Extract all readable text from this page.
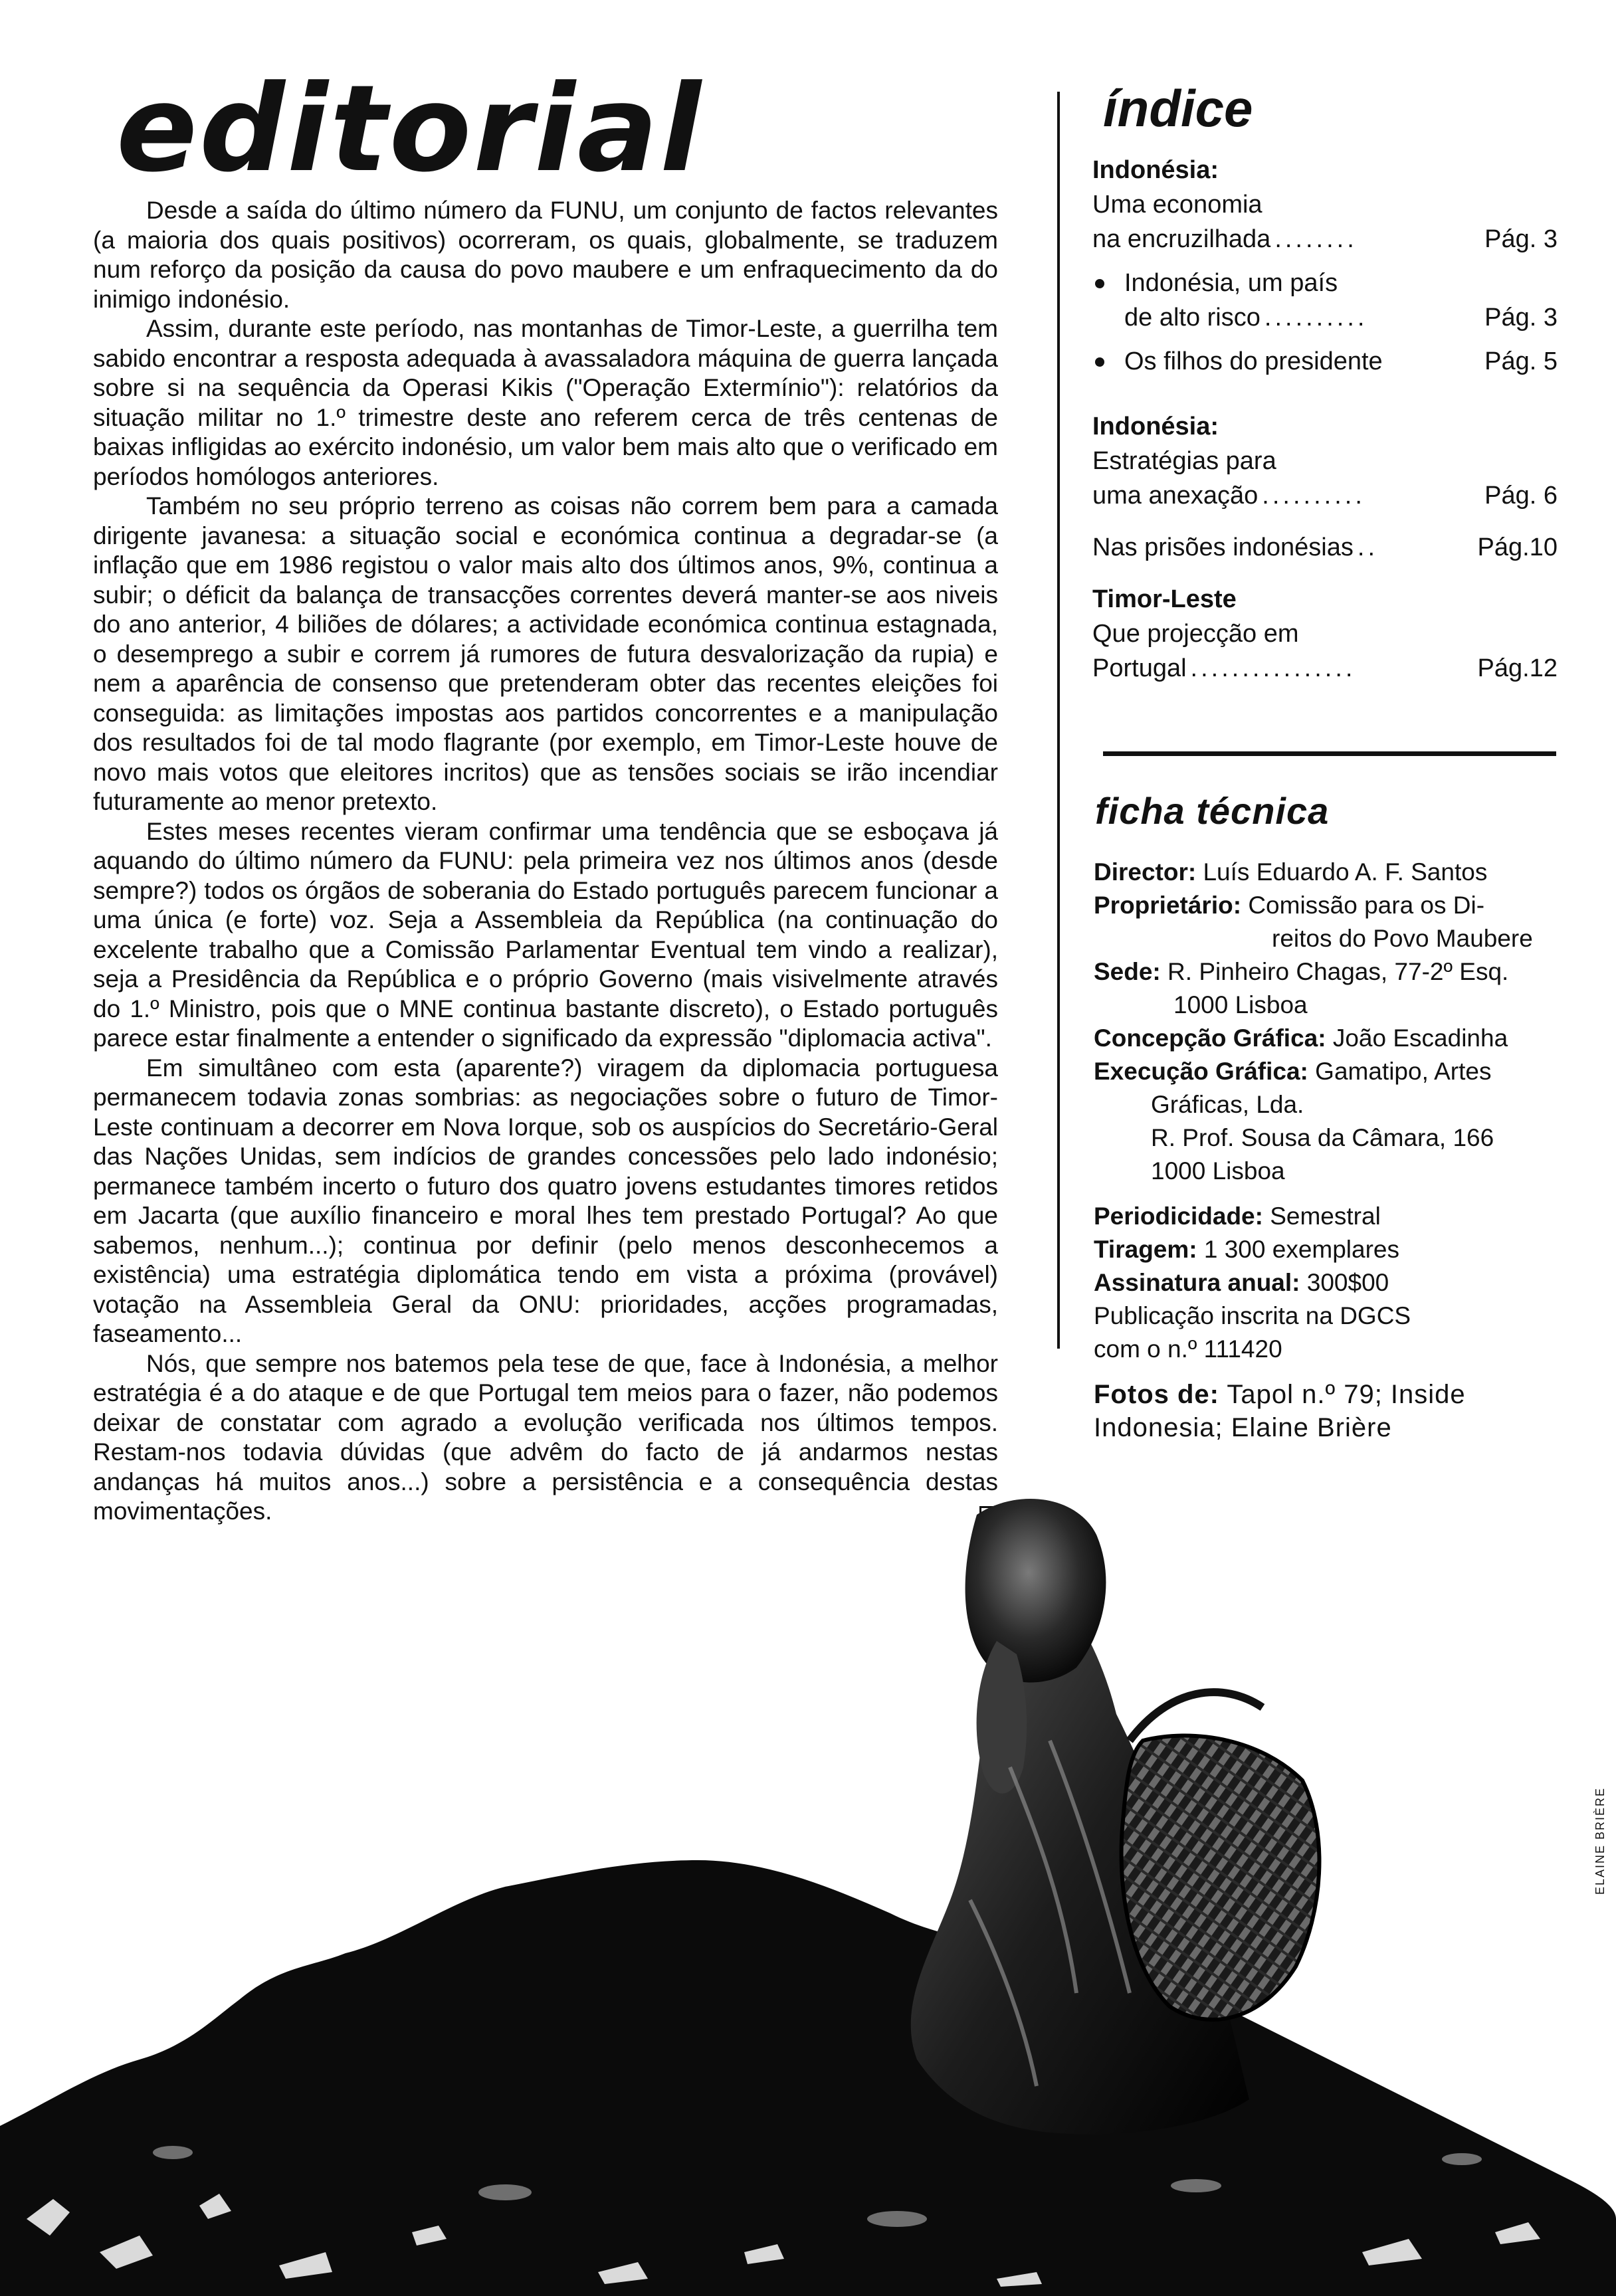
editorial

Desde a saída do último número da FUNU, um conjunto de factos relevantes (a maioria dos quais positivos) ocorreram, os quais, globalmente, se traduzem num reforço da posição da causa do povo maubere e um enfraquecimento da do inimigo indonésio.

Assim, durante este período, nas montanhas de Timor-Leste, a guerrilha tem sabido encontrar a resposta adequada à avassaladora máquina de guerra lançada sobre si na sequência da Operasi Kikis ("Operação Extermínio"): relatórios da situação militar no 1.º trimestre deste ano referem cerca de três centenas de baixas infligidas ao exército indonésio, um valor bem mais alto que o verificado em períodos homólogos anteriores.

Também no seu próprio terreno as coisas não correm bem para a camada dirigente javanesa: a situação social e económica continua a degradar-se (a inflação que em 1986 registou o valor mais alto dos últimos anos, 9%, continua a subir; o déficit da balança de transacções correntes deverá manter-se aos niveis do ano anterior, 4 biliões de dólares; a actividade económica continua estagnada, o desemprego a subir e correm já rumores de futura desvalorização da rupia) e nem a aparência de consenso que pretenderam obter das recentes eleições foi conseguida: as limitações impostas aos partidos concorrentes e a manipulação dos resultados foi de tal modo flagrante (por exemplo, em Timor-Leste houve de novo mais votos que eleitores incritos) que as tensões sociais se irão incendiar futuramente ao menor pretexto.

Estes meses recentes vieram confirmar uma tendência que se esboçava já aquando do último número da FUNU: pela primeira vez nos últimos anos (desde sempre?) todos os órgãos de soberania do Estado português parecem funcionar a uma única (e forte) voz. Seja a Assembleia da República (na continuação do excelente trabalho que a Comissão Parlamentar Eventual tem vindo a realizar), seja a Presidência da República e o próprio Governo (mais visivelmente através do 1.º Ministro, pois que o MNE continua bastante discreto), o Estado português parece estar finalmente a entender o significado da expressão "diplomacia activa".

Em simultâneo com esta (aparente?) viragem da diplomacia portuguesa permanecem todavia zonas sombrias: as negociações sobre o futuro de Timor-Leste continuam a decorrer em Nova Iorque, sob os auspícios do Secretário-Geral das Nações Unidas, sem indícios de grandes concessões pelo lado indonésio; permanece também incerto o futuro dos quatro jovens estudantes timores retidos em Jacarta (que auxílio financeiro e moral lhes tem prestado Portugal? Ao que sabemos, nenhum...); continua por definir (pelo menos desconhecemos a existência) uma estratégia diplomática tendo em vista a próxima (provável) votação na Assembleia Geral da ONU: prioridades, acções programadas, faseamento...

Nós, que sempre nos batemos pela tese de que, face à Indonésia, a melhor estratégia é a do ataque e de que Portugal tem meios para o fazer, não podemos deixar de constatar com agrado a evolução verificada nos últimos tempos. Restam-nos todavia dúvidas (que advêm do facto de já andarmos nestas andanças há muitos anos...) sobre a persistência e a consequência destas movimentações.

índice
Indonésia:
Uma economia
na encruzilhada ........	Pág. 3
Indonésia, um país
de alto risco ..........	Pág. 3
Os filhos do presidente	Pág. 5
Indonésia:
Estratégias para
uma anexação ..........	Pág. 6
Nas prisões indonésias ..	Pág.10
Timor-Leste
Que projecção em
Portugal ................	Pág.12
ficha técnica
Director: Luís Eduardo A. F. Santos
Proprietário: Comissão para os Di-
reitos do Povo Maubere
Sede: R. Pinheiro Chagas, 77-2º Esq.
1000 Lisboa
Concepção Gráfica: João Escadinha
Execução Gráfica: Gamatipo, Artes
Gráficas, Lda.
R. Prof. Sousa da Câmara, 166
1000 Lisboa
Periodicidade: Semestral
Tiragem: 1 300 exemplares
Assinatura anual: 300$00
Publicação inscrita na DGCS
com o n.º 111420
Fotos de: Tapol n.º 79; Inside Indonesia; Elaine Brière
ELAINE BRIÈRE
